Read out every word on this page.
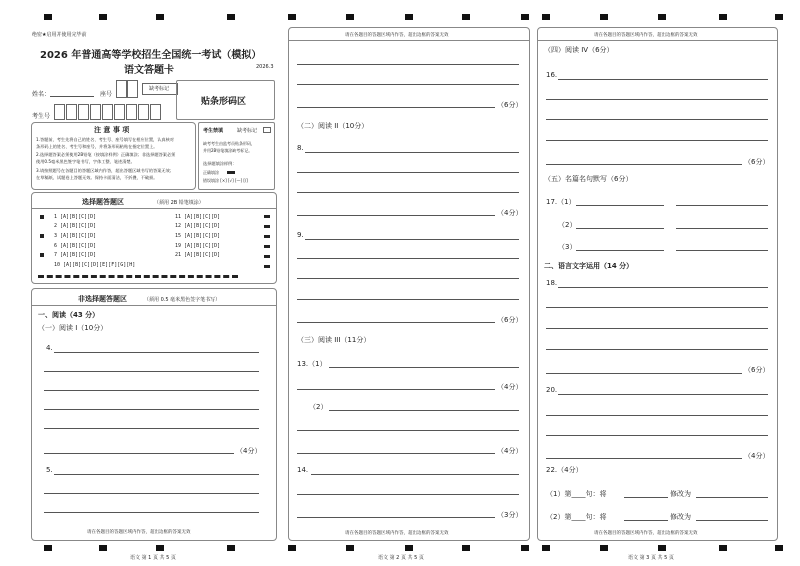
绝密★启用并使用完毕前
2026 年普通高等学校招生全国统一考试（模拟）
语文答题卡	2026.3
姓名：	座号
缺考标记
考生号
贴条形码区
注 意 事 项
1.答题前，考生先将自己的姓名、考生号、座号填写在相应位置，认真核对
条形码上的姓名、考生号和座号，并将条形码粘贴在指定位置上。
2.选择题答案必须使用2B铅笔（按填涂样例）正确填涂；非选择题答案必须
使用0.5毫米黑色签字笔书写，字体工整、笔迹清楚。
3.请按照题号在各题目的答题区域内作答，超出答题区域书写的答案无效；
在草稿纸、试题卷上答题无效。保持卡面清洁，不折叠，不破损。
考生禁填	缺考标记
缺考考生由监考员贴条形码，
并用2B铅笔填涂缺考标记。
选择题填涂样例：
正确填涂
错误填涂 [×] [√] [—] [/]
选择题答题区	（须用 2B 铅笔填涂）
1 [A][B][C][D]
2 [A][B][C][D]
3 [A][B][C][D]
6 [A][B][C][D]
7 [A][B][C][D]
10 [A][B][C][D][E][F][G][H]
11 [A][B][C][D]
12 [A][B][C][D]
15 [A][B][C][D]
19 [A][B][C][D]
21 [A][B][C][D]
非选择题答题区	（须用 0.5 毫米黑色签字笔书写）
一、阅读（43 分）
（一）阅读 I（10分）
4.
（4分）
5.
请在各题目的答题区域内作答，超出边框的答案无效
语文 第 1 页 共 5 页
请在各题目的答题区域内作答，超出边框的答案无效
（6分）
（二）阅读 II（10分）
8.
（4分）
9.
（6分）
（三）阅读 III（11分）
13.（1）
（4分）
（2）
（4分）
14.
（3分）
请在各题目的答题区域内作答，超出边框的答案无效
语文 第 2 页 共 5 页
请在各题目的答题区域内作答，超出边框的答案无效
（四）阅读 IV（6分）
16.
（6分）
（五）名篇名句默写（6分）
17.（1）
（2）
（3）
二、语言文字运用（14 分）
18.
（6分）
20.
（4分）
22.（4分）
（1）第____句：将	修改为
（2）第____句：将	修改为
请在各题目的答题区域内作答，超出边框的答案无效
语文 第 3 页 共 5 页
